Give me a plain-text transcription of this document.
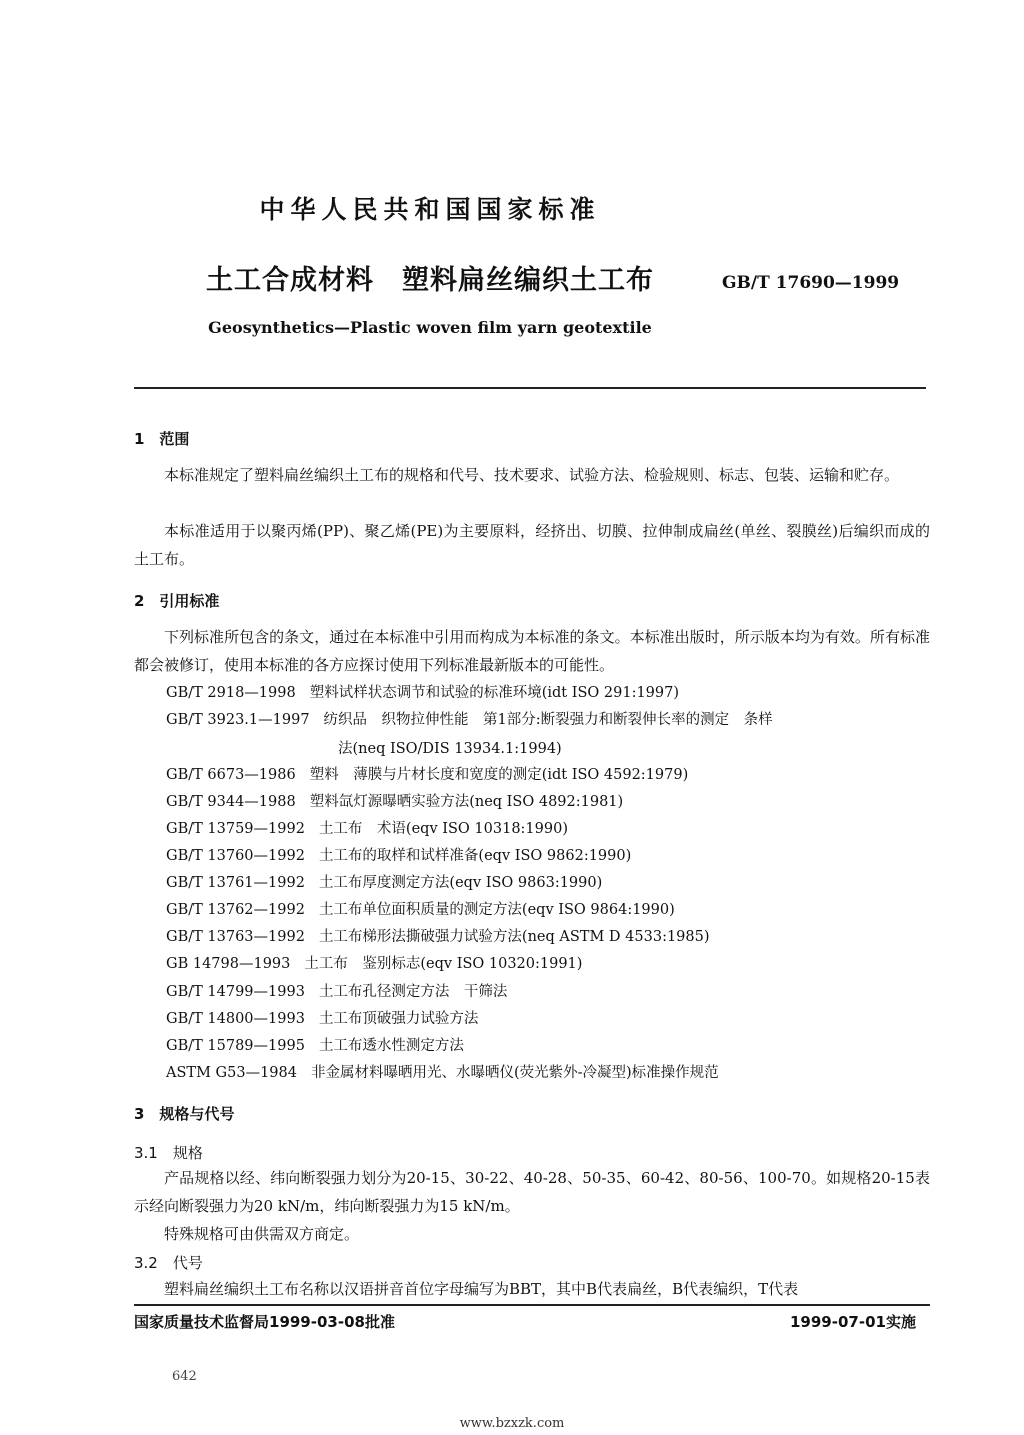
中华人民共和国国家标准
土工合成材料　塑料扁丝编织土工布	GB/T 17690—1999
Geosynthetics—Plastic woven film yarn geotextile
1　范围
本标准规定了塑料扁丝编织土工布的规格和代号、技术要求、试验方法、检验规则、标志、包装、运输和贮存。
本标准适用于以聚丙烯(PP)、聚乙烯(PE)为主要原料，经挤出、切膜、拉伸制成扁丝(单丝、裂膜丝)后编织而成的土工布。
2　引用标准
下列标准所包含的条文，通过在本标准中引用而构成为本标准的条文。本标准出版时，所示版本均为有效。所有标准都会被修订，使用本标准的各方应探讨使用下列标准最新版本的可能性。
GB/T 2918—1998 塑料试样状态调节和试验的标准环境(idt ISO 291:1997)
GB/T 3923.1—1997 纺织品　织物拉伸性能　第1部分:断裂强力和断裂伸长率的测定　条样
法(neq ISO/DIS 13934.1:1994)
GB/T 6673—1986 塑料　薄膜与片材长度和宽度的测定(idt ISO 4592:1979)
GB/T 9344—1988 塑料氙灯源曝晒实验方法(neq ISO 4892:1981)
GB/T 13759—1992 土工布　术语(eqv ISO 10318:1990)
GB/T 13760—1992 土工布的取样和试样准备(eqv ISO 9862:1990)
GB/T 13761—1992 土工布厚度测定方法(eqv ISO 9863:1990)
GB/T 13762—1992 土工布单位面积质量的测定方法(eqv ISO 9864:1990)
GB/T 13763—1992 土工布梯形法撕破强力试验方法(neq ASTM D 4533:1985)
GB 14798—1993 土工布　鉴别标志(eqv ISO 10320:1991)
GB/T 14799—1993 土工布孔径测定方法　干筛法
GB/T 14800—1993 土工布顶破强力试验方法
GB/T 15789—1995 土工布透水性测定方法
ASTM G53—1984 非金属材料曝晒用光、水曝晒仪(荧光紫外-冷凝型)标准操作规范
3　规格与代号
3.1　规格
产品规格以经、纬向断裂强力划分为20-15、30-22、40-28、50-35、60-42、80-56、100-70。如规格20-15表示经向断裂强力为20 kN/m，纬向断裂强力为15 kN/m。
特殊规格可由供需双方商定。
3.2　代号
塑料扁丝编织土工布名称以汉语拼音首位字母编写为BBT，其中B代表扁丝，B代表编织，T代表
国家质量技术监督局1999-03-08批准	1999-07-01实施
642
www.bzxzk.com
